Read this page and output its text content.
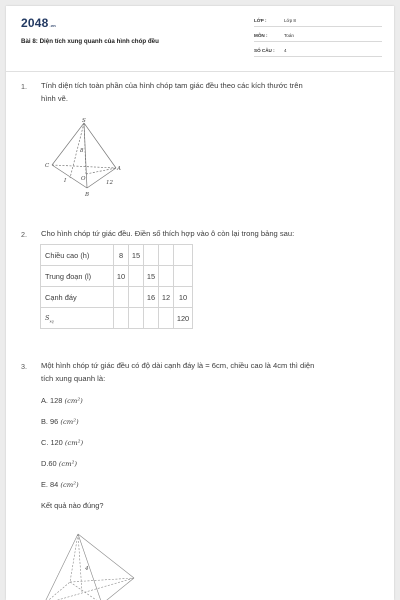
2048.vn
Bài 8: Diện tích xung quanh của hình chóp đều
LỚP :	Lớp 8
MÔN :	Toán
SỐ CÂU : 4
1. Tính diện tích toàn phần của hình chóp tam giác đều theo các kích thước trên
hình vẽ.
S
A
B
C
I	O
8
12
2. Cho hình chóp tứ giác đều. Điền số thích hợp vào ô còn lại trong bảng sau:
Chiều cao (h)	8	15			
Trung đoạn (l)	10		15		
Cạnh đáy			16	12	10
$S_{xq}$					120
3. Một hình chóp tứ giác đều có độ dài cạnh đáy là = 6cm, chiều cao là 4cm thì diện
tích xung quanh là:
A. 128 (cm²)
B. 96 (cm²)
C. 120 (cm²)
D.60 (cm²)
E. 84 (cm²)
Kết quả nào đúng?
4
